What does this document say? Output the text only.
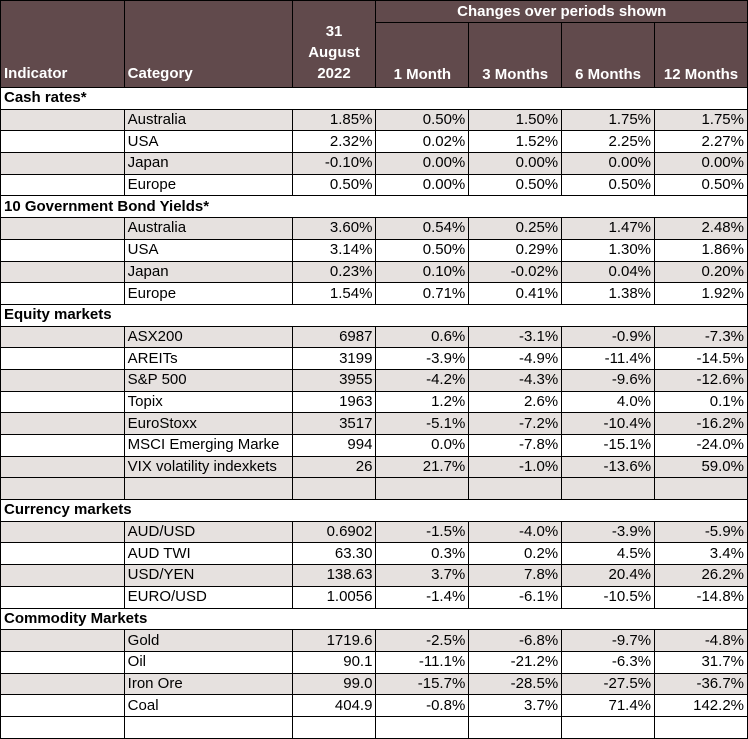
Indicator	Category	31
August
2022	Changes over periods shown			
			1 Month	3 Months	6 Months	12 Months
Cash rates*						
	Australia	1.85%	0.50%	1.50%	1.75%	1.75%
	USA	2.32%	0.02%	1.52%	2.25%	2.27%
	Japan	-0.10%	0.00%	0.00%	0.00%	0.00%
	Europe	0.50%	0.00%	0.50%	0.50%	0.50%
10 Government Bond Yields*						
	Australia	3.60%	0.54%	0.25%	1.47%	2.48%
	USA	3.14%	0.50%	0.29%	1.30%	1.86%
	Japan	0.23%	0.10%	-0.02%	0.04%	0.20%
	Europe	1.54%	0.71%	0.41%	1.38%	1.92%
Equity markets						
	ASX200	6987	0.6%	-3.1%	-0.9%	-7.3%
	AREITs	3199	-3.9%	-4.9%	-11.4%	-14.5%
	S&P 500	3955	-4.2%	-4.3%	-9.6%	-12.6%
	Topix	1963	1.2%	2.6%	4.0%	0.1%
	EuroStoxx	3517	-5.1%	-7.2%	-10.4%	-16.2%
	MSCI Emerging Marke	994	0.0%	-7.8%	-15.1%	-24.0%
	VIX volatility indexkets	26	21.7%	-1.0%	-13.6%	59.0%

Currency markets						
	AUD/USD	0.6902	-1.5%	-4.0%	-3.9%	-5.9%
	AUD TWI	63.30	0.3%	0.2%	4.5%	3.4%
	USD/YEN	138.63	3.7%	7.8%	20.4%	26.2%
	EURO/USD	1.0056	-1.4%	-6.1%	-10.5%	-14.8%
Commodity Markets						
	Gold	1719.6	-2.5%	-6.8%	-9.7%	-4.8%
	Oil	90.1	-11.1%	-21.2%	-6.3%	31.7%
	Iron Ore	99.0	-15.7%	-28.5%	-27.5%	-36.7%
	Coal	404.9	-0.8%	3.7%	71.4%	142.2%
